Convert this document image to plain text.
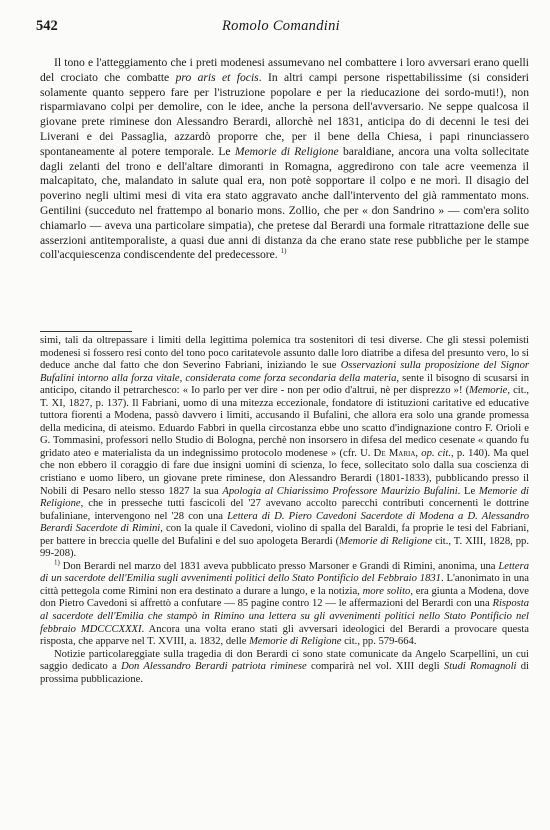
542	Romolo Comandini

Il tono e l'atteggiamento che i preti modenesi assumevano nel combattere i loro avversari erano quelli del crociato che combatte pro aris et focis. In altri campi persone rispettabilissime (si consideri solamente quanto seppero fare per l'istruzione popolare e per la rieducazione dei sordo-muti!), non risparmiavano colpi per demolire, con le idee, anche la persona dell'avversario. Ne seppe qualcosa il giovane prete riminese don Alessandro Berardi, allorchè nel 1831, anticipa do di decenni le tesi dei Liverani e dei Passaglia, azzardò proporre che, per il bene della Chiesa, i papi rinunciassero spontaneamente al potere temporale. Le Memorie di Religione baraldiane, ancora una volta sollecitate dagli zelanti del trono e dell'altare dimoranti in Romagna, aggredirono con tale acre veemenza il malcapitato, che, malandato in salute qual era, non potè sopportare il colpo e ne morì. Il disagio del poverino negli ultimi mesi di vita era stato aggravato anche dall'intervento del già rammentato mons. Gentilini (succeduto nel frattempo al bonario mons. Zollio, che per « don Sandrino » — com'era solito chiamarlo — aveva una particolare simpatia), che pretese dal Berardi una formale ritrattazione delle sue asserzioni antitemporaliste, a quasi due anni di distanza da che erano state rese pubbliche per le stampe coll'acquiescenza condiscendente del predecessore. $^{1)}$

simi, tali da oltrepassare i limiti della legittima polemica tra sostenitori di tesi diverse. Che gli stessi polemisti modenesi si fossero resi conto del tono poco caritatevole assunto dalle loro diatribe a difesa del presunto vero, lo si deduce anche dal fatto che don Severino Fabriani, iniziando le sue Osservazioni sulla proposizione del Signor Bufalini intorno alla forza vitale, considerata come forza secondaria della materia, sente il bisogno di scusarsi in anticipo, citando il petrarchesco: « Io parlo per ver dire - non per odio d'altrui, nè per disprezzo »! (Memorie, cit., T. XI, 1827, p. 137). Il Fabriani, uomo di una mitezza eccezionale, fondatore di istituzioni caritative ed educative tuttora fiorenti a Modena, passò davvero i limiti, accusando il Bufalini, che allora era solo una grande promessa della medicina, di ateismo. Eduardo Fabbri in quella circostanza ebbe uno scatto d'indignazione contro F. Orioli e G. Tommasini, professori nello Studio di Bologna, perchè non insorsero in difesa del medico cesenate « quando fu gridato ateo e materialista da un indegnissimo protocolo modenese » (cfr. U. De Maria, op. cit., p. 140). Ma quel che non ebbero il coraggio di fare due insigni uomini di scienza, lo fece, sollecitato solo dalla sua coscienza di cristiano e uomo libero, un giovane prete riminese, don Alessandro Berardi (1801-1833), pubblicando presso il Nobili di Pesaro nello stesso 1827 la sua Apologia al Chiarissimo Professore Maurizio Bufalini. Le Memorie di Religione, che in presseche tutti fascicoli del '27 avevano accolto parecchi contributi concernenti le dottrine bufaliniane, intervengono nel '28 con una Lettera di D. Piero Cavedoni Sacerdote di Modena a D. Alessandro Berardi Sacerdote di Rimini, con la quale il Cavedoni, violino di spalla del Baraldi, fa proprie le tesi del Fabriani, per battere in breccia quelle del Bufalini e del suo apologeta Berardi (Memorie di Religione cit., T. XIII, 1828, pp. 99-208).

$^{1)}$ Don Berardi nel marzo del 1831 aveva pubblicato presso Marsoner e Grandi di Rimini, anonima, una Lettera di un sacerdote dell'Emilia sugli avvenimenti politici dello Stato Pontificio del Febbraio 1831. L'anonimato in una città pettegola come Rimini non era destinato a durare a lungo, e la notizia, more solito, era giunta a Modena, dove don Pietro Cavedoni si affrettò a confutare — 85 pagine contro 12 — le affermazioni del Berardi con una Risposta al sacerdote dell'Emilia che stampò in Rimino una lettera su gli avvenimenti politici nello Stato Pontificio nel febbraio MDCCCXXXI. Ancora una volta erano stati gli avversari ideologici del Berardi a provocare questa risposta, che apparve nel T. XVIII, a. 1832, delle Memorie di Religione cit., pp. 579-664.

Notizie particolareggiate sulla tragedia di don Berardi ci sono state comunicate da Angelo Scarpellini, un cui saggio dedicato a Don Alessandro Berardi patriota riminese comparirà nel vol. XIII degli Studi Romagnoli di prossima pubblicazione.
